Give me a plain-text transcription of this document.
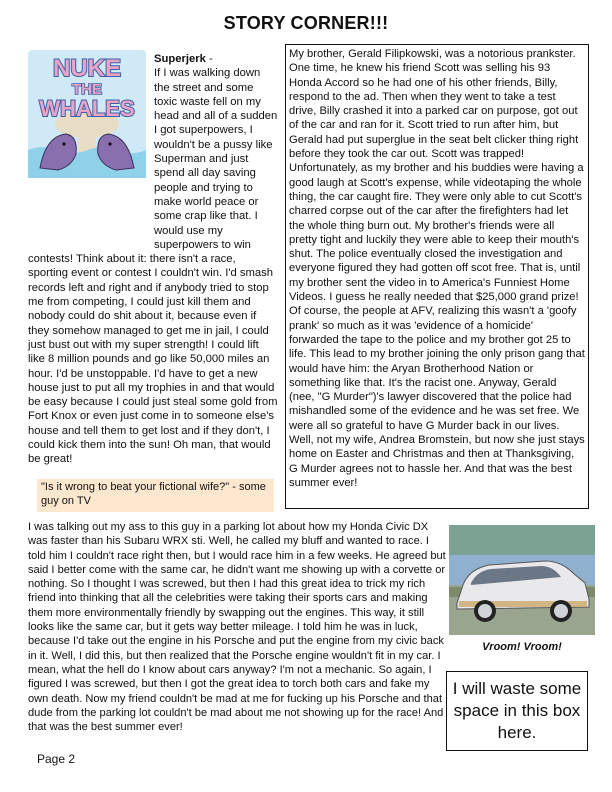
STORY CORNER!!!

Superjerk -
If I was walking down the street and some toxic waste fell on my head and all of a sudden I got superpowers, I wouldn't be a pussy like Superman and just spend all day saving people and trying to make world peace or some crap like that. I would use my superpowers to win contests! Think about it: there isn't a race, sporting event or contest I couldn't win. I'd smash records left and right and if anybody tried to stop me from competing, I could just kill them and nobody could do shit about it, because even if they somehow managed to get me in jail, I could just bust out with my super strength! I could lift like 8 million pounds and go like 50,000 miles an hour. I'd be unstoppable. I'd have to get a new house just to put all my trophies in and that would be easy because I could just steal some gold from Fort Knox or even just come in to someone else's house and tell them to get lost and if they don't, I could kick them into the sun! Oh man, that would be great!

NUKE
THE
WHALES
"Is it wrong to beat your fictional wife?" - some guy on TV

My brother, Gerald Filipkowski, was a notorious prankster. One time, he knew his friend Scott was selling his 93 Honda Accord so he had one of his other friends, Billy, respond to the ad. Then when they went to take a test drive, Billy crashed it into a parked car on purpose, got out of the car and ran for it. Scott tried to run after him, but Gerald had put superglue in the seat belt clicker thing right before they took the car out. Scott was trapped! Unfortunately, as my brother and his buddies were having a good laugh at Scott's expense, while videotaping the whole thing, the car caught fire. They were only able to cut Scott's charred corpse out of the car after the firefighters had let the whole thing burn out. My brother's friends were all pretty tight and luckily they were able to keep their mouth's shut. The police eventually closed the investigation and everyone figured they had gotten off scot free. That is, until my brother sent the video in to America's Funniest Home Videos. I guess he really needed that $25,000 grand prize! Of course, the people at AFV, realizing this wasn't a 'goofy prank' so much as it was 'evidence of a homicide' forwarded the tape to the police and my brother got 25 to life. This lead to my brother joining the only prison gang that would have him: the Aryan Brotherhood Nation or something like that. It's the racist one. Anyway, Gerald (nee, "G Murder")'s lawyer discovered that the police had mishandled some of the evidence and he was set free. We were all so grateful to have G Murder back in our lives. Well, not my wife, Andrea Bromstein, but now she just stays home on Easter and Christmas and then at Thanksgiving, G Murder agrees not to hassle her. And that was the best summer ever!

I was talking out my ass to this guy in a parking lot about how my Honda Civic DX was faster than his Subaru WRX sti. Well, he called my bluff and wanted to race. I told him I couldn't race right then, but I would race him in a few weeks. He agreed but said I better come with the same car, he didn't want me showing up with a corvette or nothing. So I thought I was screwed, but then I had this great idea to trick my rich friend into thinking that all the celebrities were taking their sports cars and making them more environmentally friendly by swapping out the engines. This way, it still looks like the same car, but it gets way better mileage. I told him he was in luck, because I'd take out the engine in his Porsche and put the engine from my civic back in it. Well, I did this, but then realized that the Porsche engine wouldn't fit in my car. I mean, what the hell do I know about cars anyway? I'm not a mechanic. So again, I figured I was screwed, but then I got the great idea to torch both cars and fake my own death. Now my friend couldn't be mad at me for fucking up his Porsche and that dude from the parking lot couldn't be mad about me not showing up for the race! And that was the best summer ever!

Vroom! Vroom!
I will waste some space in this box here.
Page 2
